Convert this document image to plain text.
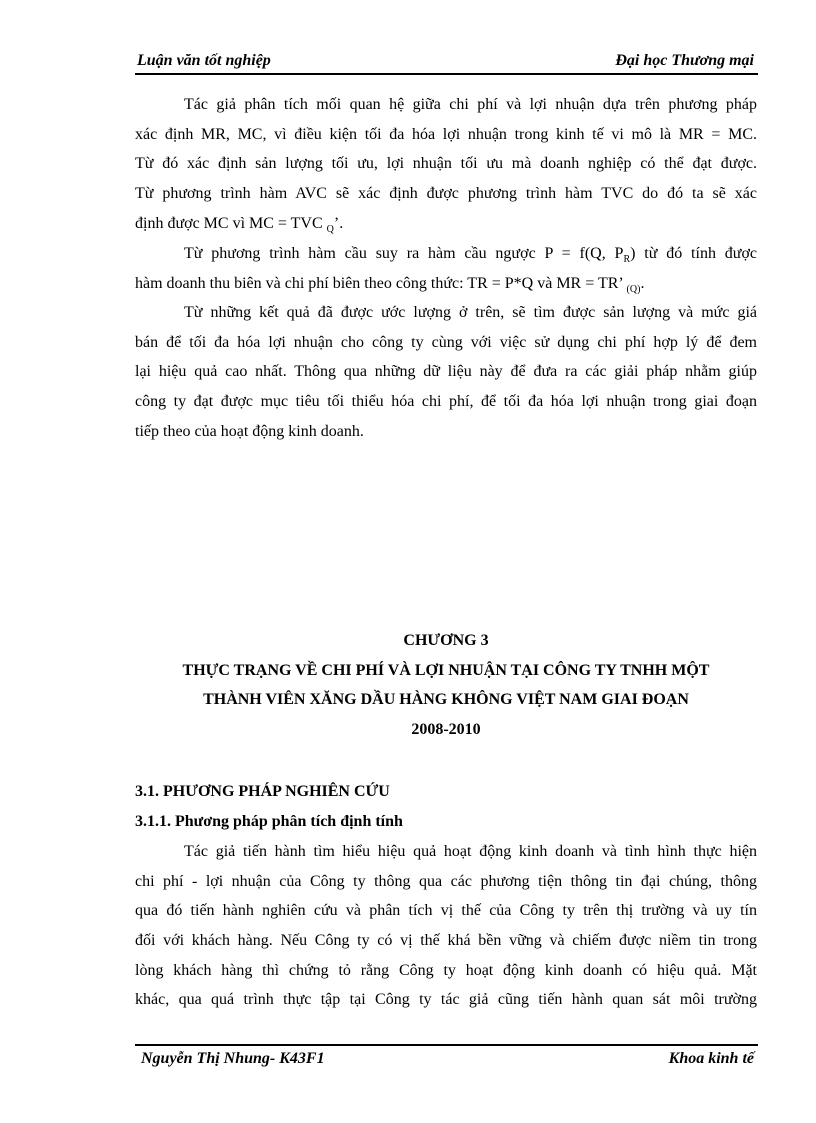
Luận văn tốt nghiệp	Đại học Thương mại
Tác giả phân tích mối quan hệ giữa chi phí và lợi nhuận dựa trên phương pháp
xác định MR, MC, vì điều kiện tối đa hóa lợi nhuận trong kinh tế vi mô là MR = MC.
Từ đó xác định sản lượng tối ưu, lợi nhuận tối ưu mà doanh nghiệp có thể đạt được.
Từ phương trình hàm AVC sẽ xác định được phương trình hàm TVC do đó ta sẽ xác
định được MC vì MC = TVC $_Q$’.
Từ phương trình hàm cầu suy ra hàm cầu ngược P = f(Q, $P_R$) từ đó tính được
hàm doanh thu biên và chi phí biên theo công thức: TR = P*Q và MR = TR’ $_{(Q)}$.
Từ những kết quả đã được ước lượng ở trên, sẽ tìm được sản lượng và mức giá
bán để tối đa hóa lợi nhuận cho công ty cùng với việc sử dụng chi phí hợp lý để đem
lại hiệu quả cao nhất. Thông qua những dữ liệu này để đưa ra các giải pháp nhằm giúp
công ty đạt được mục tiêu tối thiểu hóa chi phí, để tối đa hóa lợi nhuận trong giai đoạn
tiếp theo của hoạt động kinh doanh.
CHƯƠNG 3
THỰC TRẠNG VỀ CHI PHÍ VÀ LỢI NHUẬN TẠI CÔNG TY TNHH MỘT
THÀNH VIÊN XĂNG DẦU HÀNG KHÔNG VIỆT NAM GIAI ĐOẠN
2008-2010
3.1. PHƯƠNG PHÁP NGHIÊN CỨU
3.1.1. Phương pháp phân tích định tính
Tác giả tiến hành tìm hiểu hiệu quả hoạt động kinh doanh và tình hình thực hiện
chi phí - lợi nhuận của Công ty thông qua các phương tiện thông tin đại chúng, thông
qua đó tiến hành nghiên cứu và phân tích vị thế của Công ty trên thị trường và uy tín
đối với khách hàng. Nếu Công ty có vị thế khá bền vững và chiếm được niềm tin trong
lòng khách hàng thì chứng tỏ rằng Công ty hoạt động kinh doanh có hiệu quả. Mặt
khác, qua quá trình thực tập tại Công ty tác giả cũng tiến hành quan sát môi trường
Nguyễn Thị Nhung- K43F1	Khoa kinh tế
